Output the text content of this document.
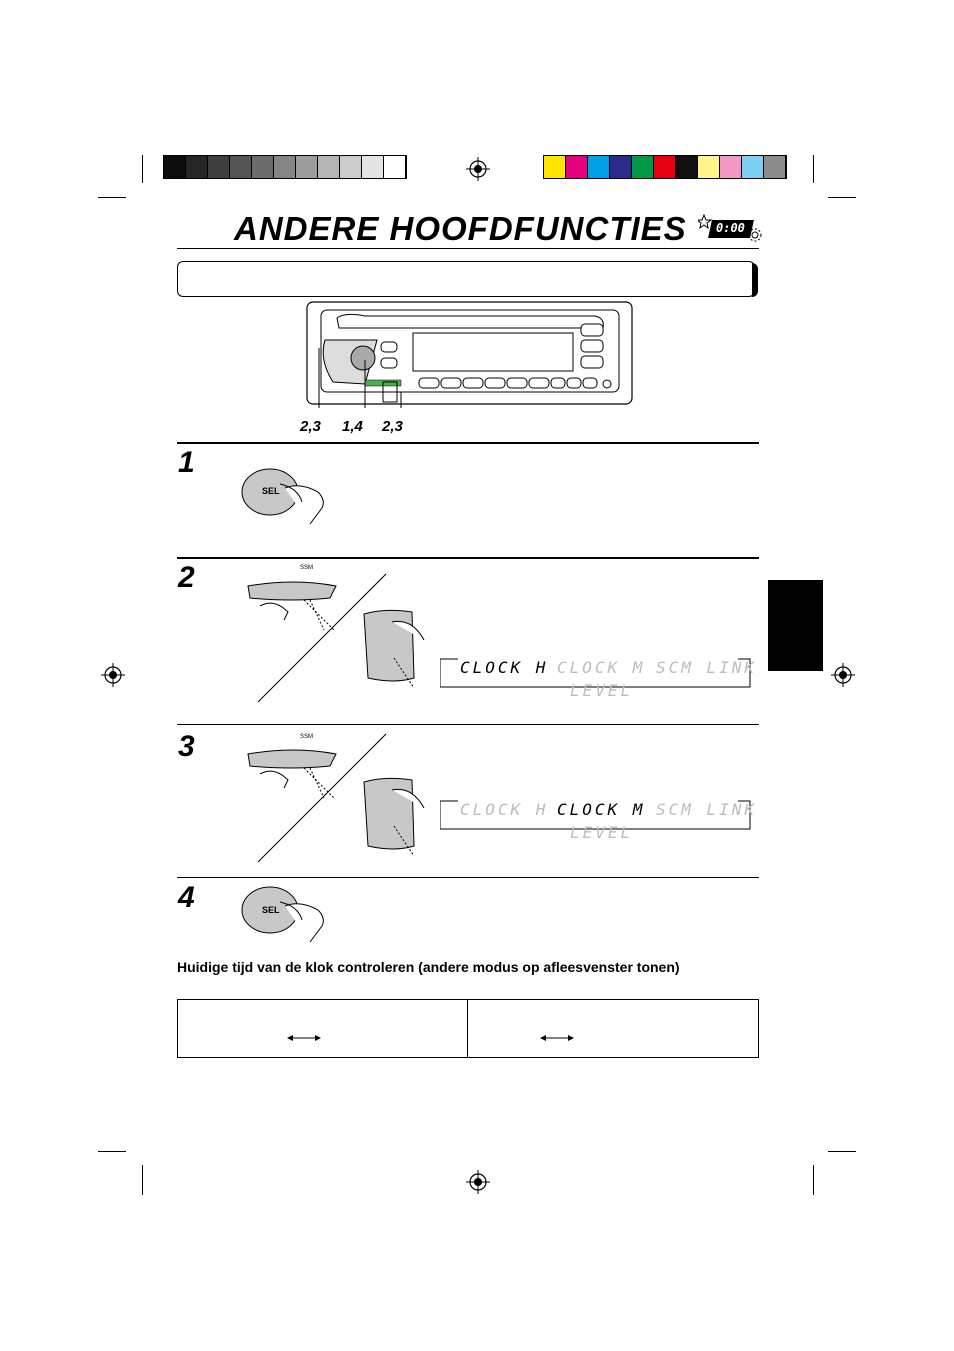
ANDERE HOOFDFUNCTIES 0:00
2,3 1,4 2,3
1
SEL
2	SSM
CLOCK H CLOCK M SCM LINK
LEVEL
3	SSM
CLOCK H CLOCK M SCM LINK
LEVEL
4	SEL
Huidige tijd van de klok controleren (andere modus op afleesvenster tonen)
